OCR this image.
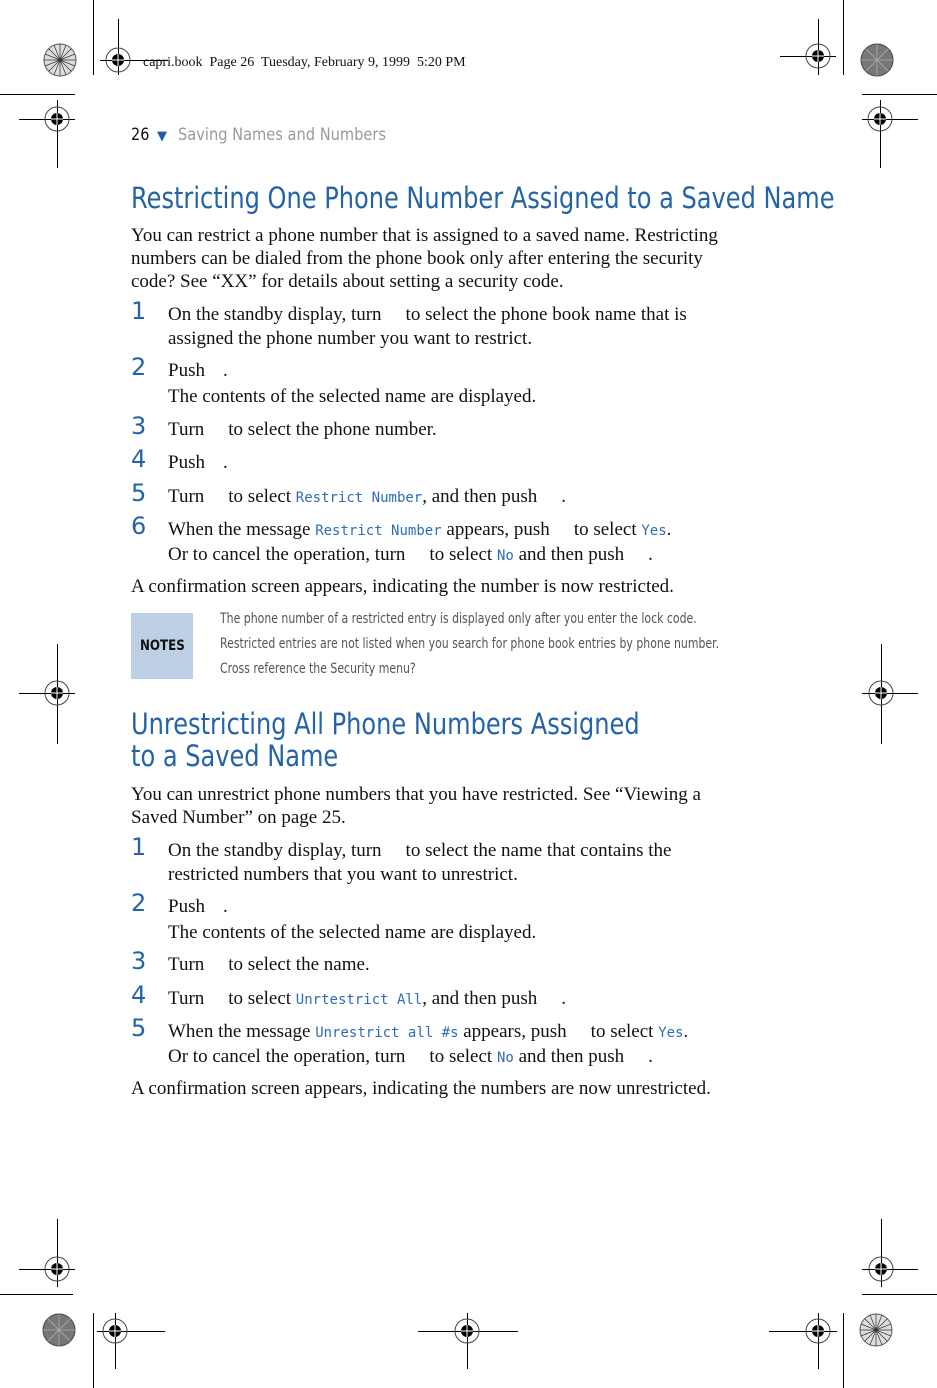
capri.book  Page 26  Tuesday, February 9, 1999  5:20 PM
26 ▼ Saving Names and Numbers
Restricting One Phone Number Assigned to a Saved Name
You can restrict a phone number that is assigned to a saved name. Restricting
numbers can be dialed from the phone book only after entering the security
code? See “XX” for details about setting a security code.
1 On the standby display, turn to select the phone book name that is
assigned the phone number you want to restrict.
2 Push .
The contents of the selected name are displayed.
3 Turn to select the phone number.
4 Push .
5 Turn to select Restrict Number, and then push .
6 When the message Restrict Number appears, push to select Yes.
Or to cancel the operation, turn to select No and then push .
A confirmation screen appears, indicating the number is now restricted.
NOTES
The phone number of a restricted entry is displayed only after you enter the lock code.
Restricted entries are not listed when you search for phone book entries by phone number.
Cross reference the Security menu?
Unrestricting All Phone Numbers Assigned
to a Saved Name
You can unrestrict phone numbers that you have restricted. See “Viewing a
Saved Number” on page 25.
1 On the standby display, turn to select the name that contains the
restricted numbers that you want to unrestrict.
2 Push .
The contents of the selected name are displayed.
3 Turn to select the name.
4 Turn to select Unrtestrict All, and then push .
5 When the message Unrestrict all #s appears, push to select Yes.
Or to cancel the operation, turn to select No and then push .
A confirmation screen appears, indicating the numbers are now unrestricted.
